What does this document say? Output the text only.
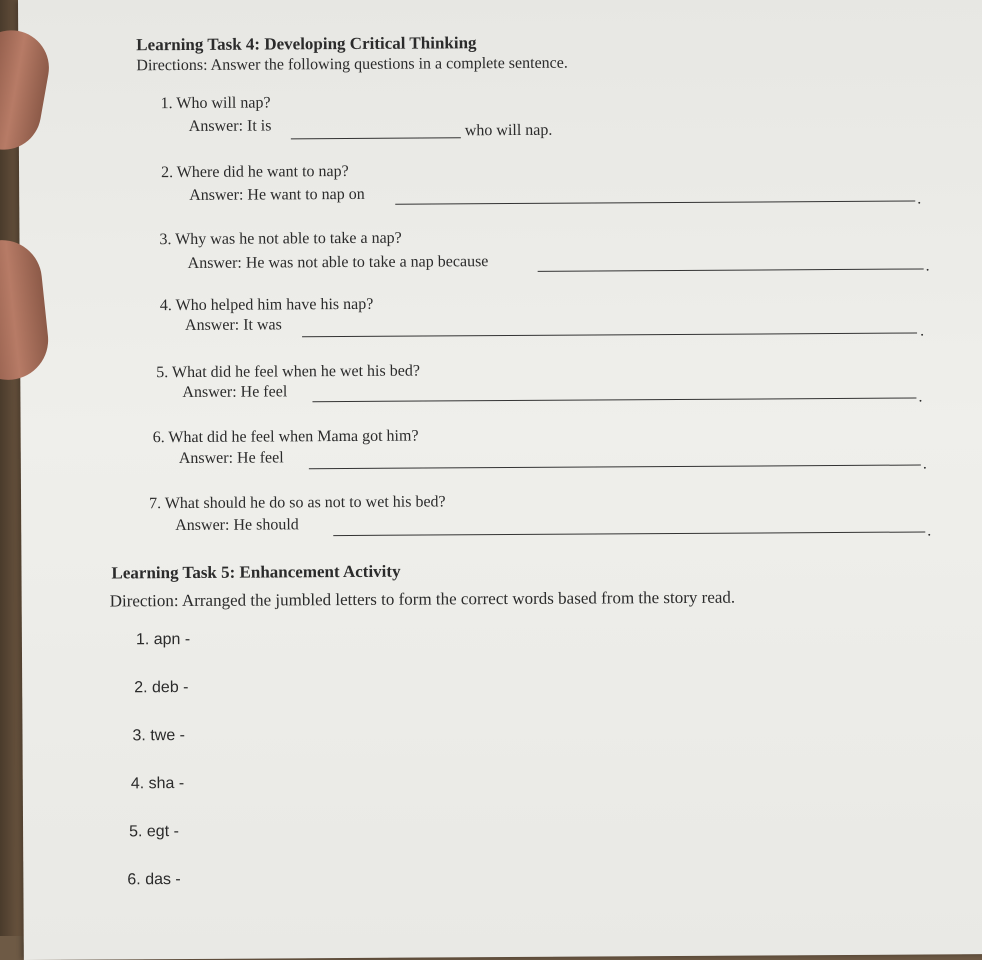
Learning Task 4: Developing Critical Thinking
Directions: Answer the following questions in a complete sentence.
1. Who will nap?
Answer: It is	who will nap.
2. Where did he want to nap?
Answer: He want to nap on	.
3. Why was he not able to take a nap?
Answer: He was not able to take a nap because	.
4. Who helped him have his nap?
Answer: It was	.
5. What did he feel when he wet his bed?
Answer: He feel	.
6. What did he feel when Mama got him?
Answer: He feel	.
7. What should he do so as not to wet his bed?
Answer: He should	.
Learning Task 5: Enhancement Activity
Direction: Arranged the jumbled letters to form the correct words based from the story read.
1. apn -
2. deb -
3. twe -
4. sha -
5. egt -
6. das -
